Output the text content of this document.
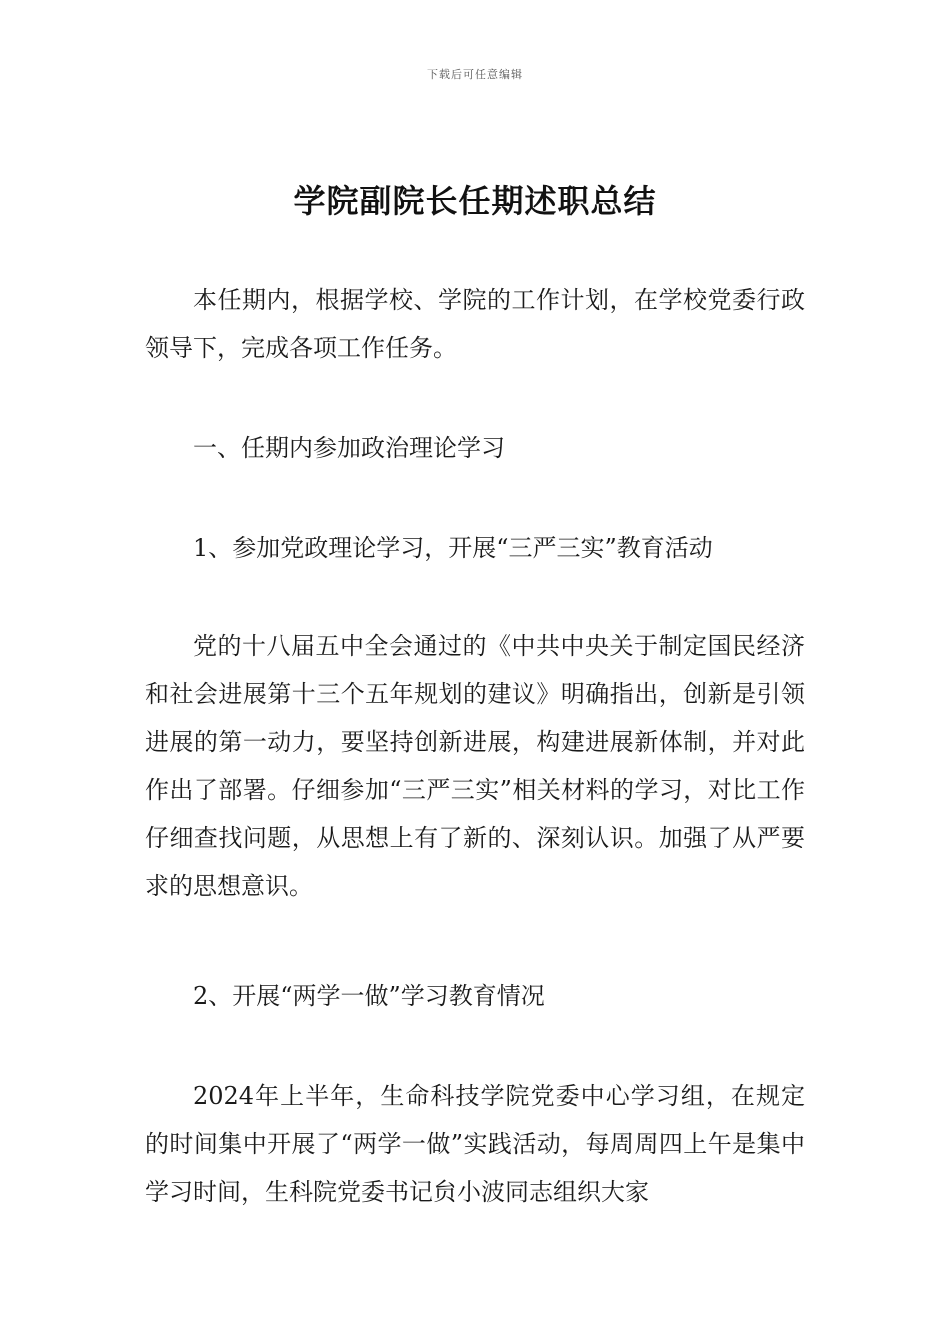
下载后可任意编辑
学院副院长任期述职总结

本任期内，根据学校、学院的工作计划，在学校党委行政领导下，完成各项工作任务。

一、任期内参加政治理论学习

1、参加党政理论学习，开展“三严三实”教育活动

党的十八届五中全会通过的《中共中央关于制定国民经济和社会进展第十三个五年规划的建议》明确指出，创新是引领进展的第一动力，要坚持创新进展，构建进展新体制，并对此作出了部署。仔细参加“三严三实”相关材料的学习，对比工作仔细查找问题，从思想上有了新的、深刻认识。加强了从严要求的思想意识。

2、开展“两学一做”学习教育情况

2024年上半年，生命科技学院党委中心学习组，在规定的时间集中开展了“两学一做”实践活动，每周周四上午是集中学习时间，生科院党委书记贠小波同志组织大家
